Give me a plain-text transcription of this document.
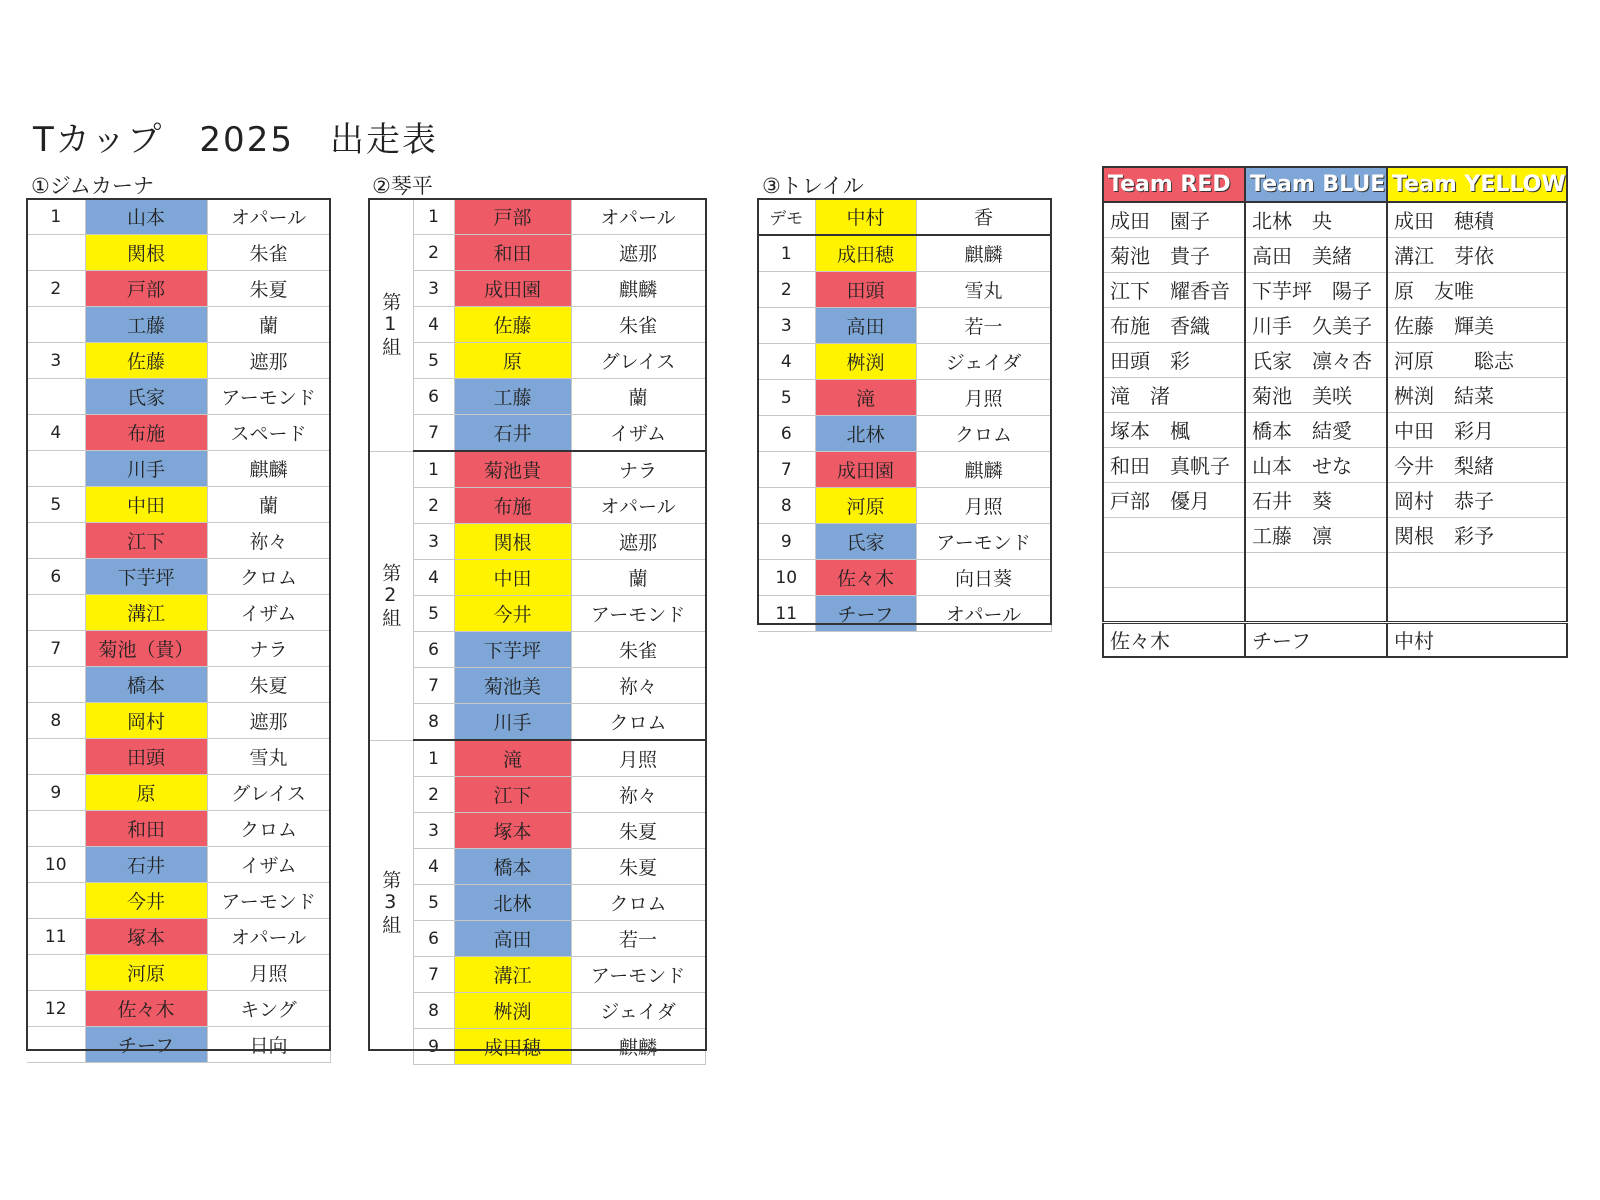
Tカップ　2025　出走表
①ジムカーナ
1	山本	オパール
	関根	朱雀
2	戸部	朱夏
	工藤	蘭
3	佐藤	遮那
	氏家	アーモンド
4	布施	スペード
	川手	麒麟
5	中田	蘭
	江下	祢々
6	下芋坪	クロム
	溝江	イザム
7	菊池（貴）	ナラ
	橋本	朱夏
8	岡村	遮那
	田頭	雪丸
9	原	グレイス
	和田	クロム
10	石井	イザム
	今井	アーモンド
11	塚本	オパール
	河原	月照
12	佐々木	キング
	チーフ	日向
②琴平
第1組	1	戸部	オパール
	2	和田	遮那
	3	成田園	麒麟
	4	佐藤	朱雀
	5	原	グレイス
	6	工藤	蘭
	7	石井	イザム
第2組	1	菊池貴	ナラ
	2	布施	オパール
	3	関根	遮那
	4	中田	蘭
	5	今井	アーモンド
	6	下芋坪	朱雀
	7	菊池美	祢々
	8	川手	クロム
第3組	1	滝	月照
	2	江下	祢々
	3	塚本	朱夏
	4	橋本	朱夏
	5	北林	クロム
	6	高田	若一
	7	溝江	アーモンド
	8	桝渕	ジェイダ
	9	成田穂	麒麟
③トレイル
デモ	中村	香
1	成田穂	麒麟
2	田頭	雪丸
3	高田	若一
4	桝渕	ジェイダ
5	滝	月照
6	北林	クロム
7	成田園	麒麟
8	河原	月照
9	氏家	アーモンド
10	佐々木	向日葵
11	チーフ	オパール
Team RED	Team BLUE	Team YELLOW
成田　園子	北林　央	成田　穂積
菊池　貴子	高田　美緒	溝江　芽依
江下　耀香音	下芋坪　陽子	原　友唯
布施　香織	川手　久美子	佐藤　輝美
田頭　彩	氏家　凛々杏	河原　　聡志
滝　渚	菊池　美咲	桝渕　結菜
塚本　楓	橋本　結愛	中田　彩月
和田　真帆子	山本　せな	今井　梨緒
戸部　優月	石井　葵	岡村　恭子
	工藤　凛	関根　彩予

佐々木	チーフ	中村
